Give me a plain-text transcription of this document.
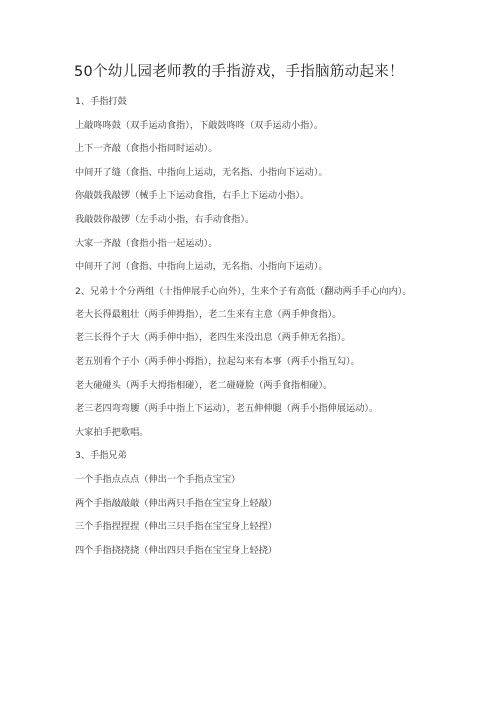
50个幼儿园老师教的手指游戏，手指脑筋动起来！
1、手指打鼓
上敲咚咚鼓（双手运动食指），下敲鼓咚咚（双手运动小指）。
上下一齐敲（食指小指同时运动）。
中间开了缝（食指、中指向上运动，无名指、小指向下运动）。
你敲鼓我敲锣（械手上下运动食指，右手上下运动小指）。
我敲鼓你敲锣（左手动小指，右手动食指）。
大家一齐敲（食指小指一起运动）。
中间开了河（食指、中指向上运动，无名指、小指向下运动）。
2、兄弟十个分两组（十指伸展手心向外），生来个子有高低（翻动两手手心向内）。
老大长得最粗壮（两手伸拇指），老二生来有主意（两手伸食指）。
老三长得个子大（两手伸中指），老四生来没出息（两手伸无名指）。
老五别看个子小（两手伸小拇指），拉起勾来有本事（两手小指互勾）。
老大碰碰头（两手大拇指相碰），老二碰碰脸（两手食指相碰）。
老三老四弯弯腰（两手中指上下运动），老五伸伸腿（两手小指伸展运动）。
大家拍手把歌唱。
3、手指兄弟
一个手指点点点（伸出一个手指点宝宝）
两个手指敲敲敲（伸出两只手指在宝宝身上轻敲）
三个手指捏捏捏（伸出三只手指在宝宝身上轻捏）
四个手指挠挠挠（伸出四只手指在宝宝身上轻挠）
